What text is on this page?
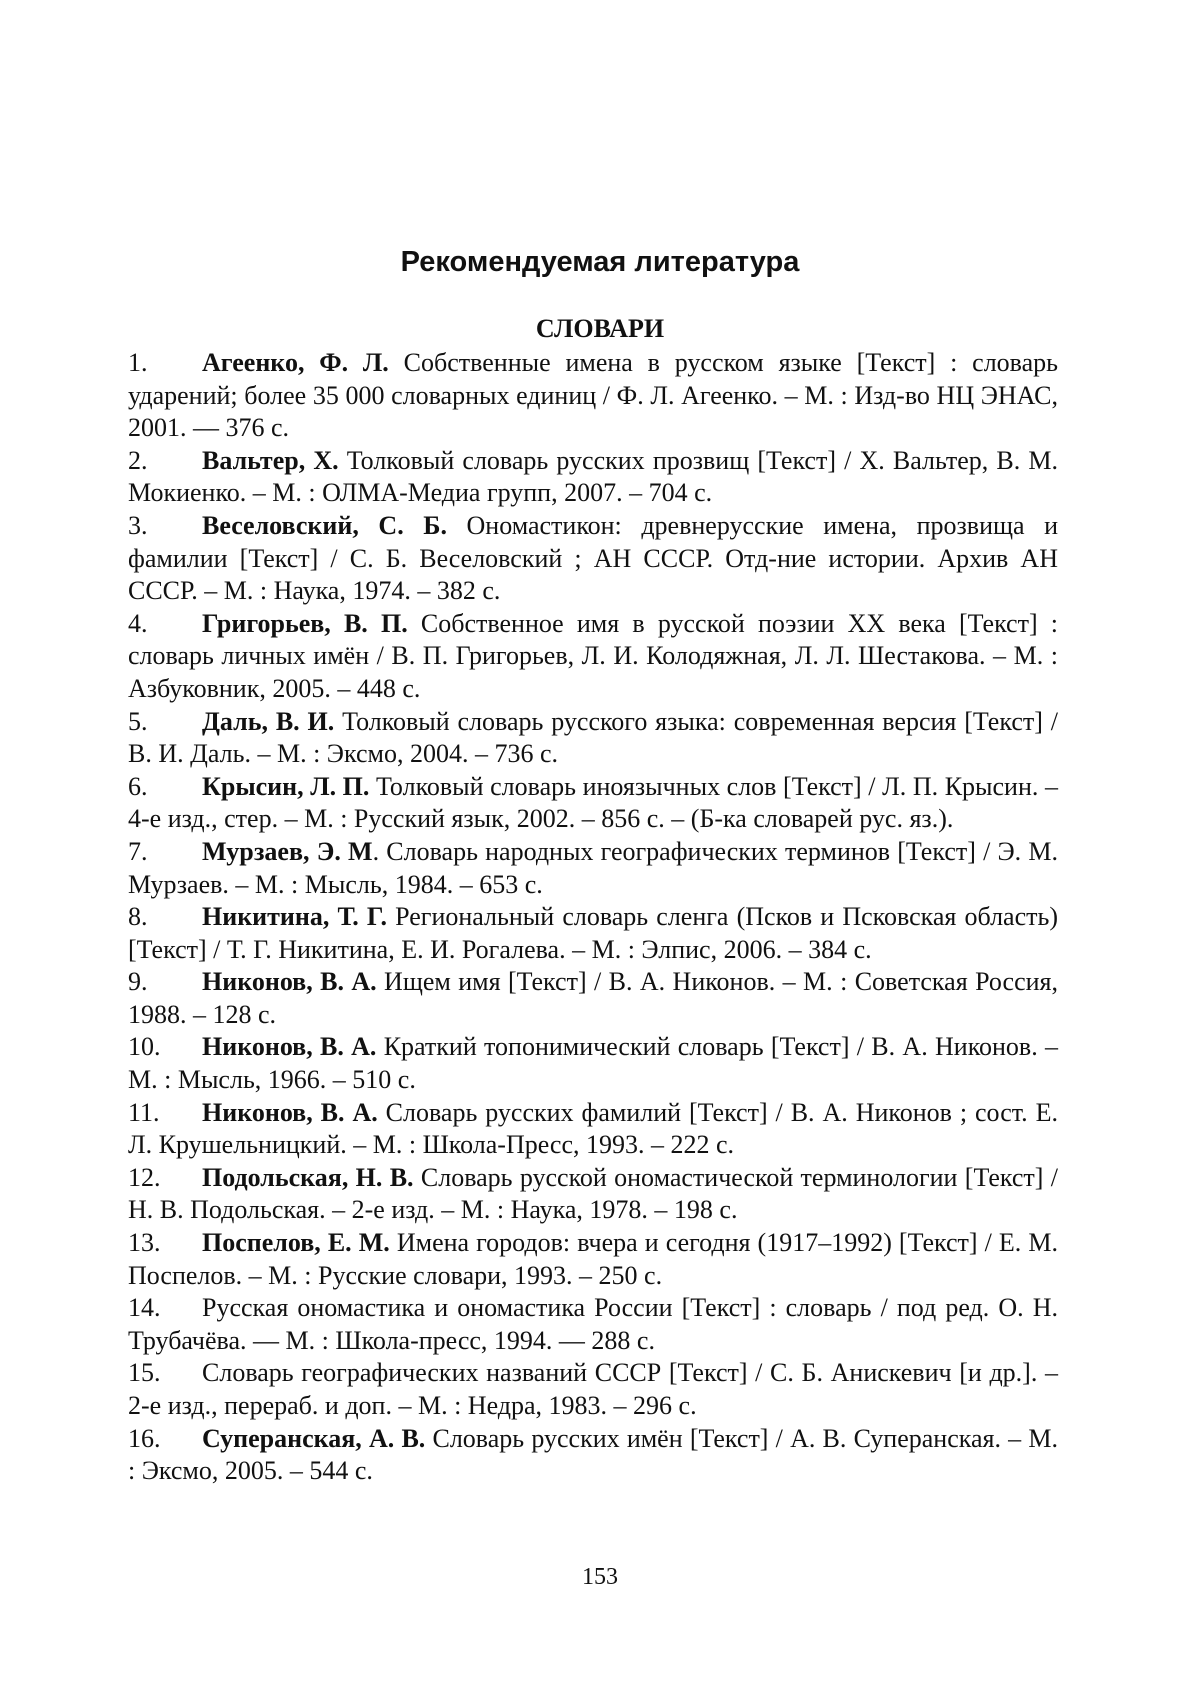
Рекомендуемая литература
СЛОВАРИ
1. Агеенко, Ф. Л. Собственные имена в русском языке [Текст] : словарь ударений; более 35 000 словарных единиц / Ф. Л. Агеенко. – М. : Изд-во НЦ ЭНАС, 2001. — 376 с.
2. Вальтер, Х. Толковый словарь русских прозвищ [Текст] / Х. Вальтер, В. М. Мокиенко. – М. : ОЛМА-Медиа групп, 2007. – 704 с.
3. Веселовский, С. Б. Ономастикон: древнерусские имена, прозвища и фамилии [Текст] / С. Б. Веселовский ; АН СССР. Отд-ние истории. Архив АН СССР. – М. : Наука, 1974. – 382 с.
4. Григорьев, В. П. Собственное имя в русской поэзии XX века [Текст] : словарь личных имён / В. П. Григорьев, Л. И. Колодяжная, Л. Л. Шестакова. – М. : Азбуковник, 2005. – 448 с.
5. Даль, В. И. Толковый словарь русского языка: современная версия [Текст] / В. И. Даль. – М. : Эксмо, 2004. – 736 с.
6. Крысин, Л. П. Толковый словарь иноязычных слов [Текст] / Л. П. Крысин. – 4-е изд., стер. – М. : Русский язык, 2002. – 856 с. – (Б-ка словарей рус. яз.).
7. Мурзаев, Э. М. Словарь народных географических терминов [Текст] / Э. М. Мурзаев. – М. : Мысль, 1984. – 653 с.
8. Никитина, Т. Г. Региональный словарь сленга (Псков и Псковская область) [Текст] / Т. Г. Никитина, Е. И. Рогалева. – М. : Элпис, 2006. – 384 с.
9. Никонов, В. А. Ищем имя [Текст] / В. А. Никонов. – М. : Советская Россия, 1988. – 128 с.
10. Никонов, В. А. Краткий топонимический словарь [Текст] / В. А. Никонов. – М. : Мысль, 1966. – 510 с.
11. Никонов, В. А. Словарь русских фамилий [Текст] / В. А. Никонов ; сост. Е. Л. Крушельницкий. – М. : Школа-Пресс, 1993. – 222 с.
12. Подольская, Н. В. Словарь русской ономастической терминологии [Текст] /Н. В. Подольская. – 2-е изд. – М. : Наука, 1978. – 198 с.
13. Поспелов, Е. М. Имена городов: вчера и сегодня (1917–1992) [Текст] / Е. М. Поспелов. – М. : Русские словари, 1993. – 250 с.
14. Русская ономастика и ономастика России [Текст] : словарь / под ред. О. Н. Трубачёва. — М. : Школа-пресс, 1994. — 288 с.
15. Словарь географических названий СССР [Текст] / С. Б. Анискевич [и др.]. – 2-е изд., перераб. и доп. – М. : Недра, 1983. – 296 с.
16. Суперанская, А. В. Словарь русских имён [Текст] / А. В. Суперанская. – М. : Эксмо, 2005. – 544 с.
153
